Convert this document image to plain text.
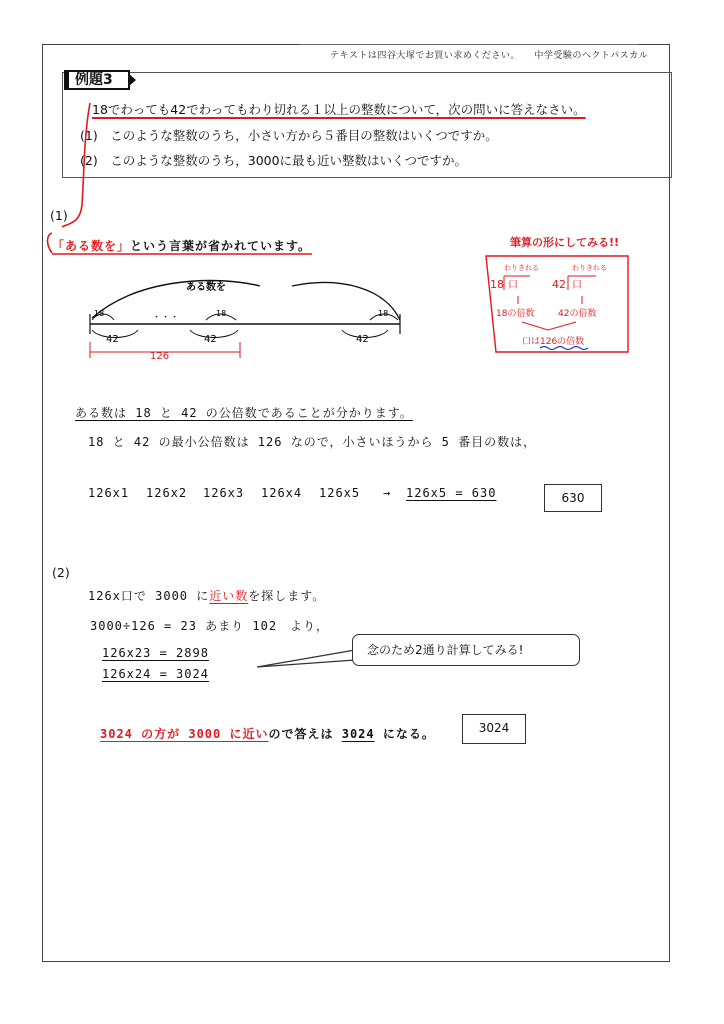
テキストは四谷大塚でお買い求めください。　　中学受験のヘクトパスカル
例題3
18でわっても42でわってもわり切れる１以上の整数について，次の問いに答えなさい。
(1)　 このような整数のうち，小さい方から５番目の整数はいくつですか。
(2)　 このような整数のうち，3000に最も近い整数はいくつですか。
(1)
「ある数を」という言葉が省かれています。
ある数を
18	18	18
42	42	42
・・・
126
筆算の形にしてみる!!
わりきれる	わりきれる
18 口	42 口
18の倍数	42の倍数
口は126の倍数
ある数は 18 と 42 の公倍数であることが分かります。
18 と 42 の最小公倍数は 126 なので，小さいほうから 5 番目の数は，
126x1 126x2 126x3 126x4 126x5 → 126x5 = 630	630
(2)
126x口で 3000 に近い数を探します。
3000÷126 = 23 あまり 102　より，
126x23 = 2898
126x24 = 3024
念のため2通り計算してみる!
3024 の方が 3000 に近いので答えは 3024 になる。	3024
